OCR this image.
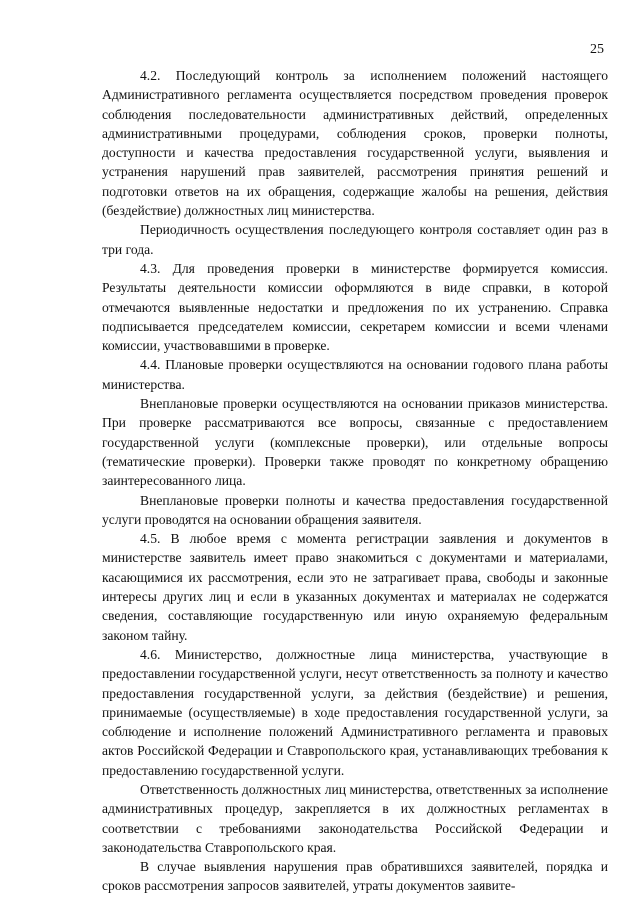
25

4.2. Последующий контроль за исполнением положений настоящего Административного регламента осуществляется посредством проведения проверок соблюдения последовательности административных действий, определенных административными процедурами, соблюдения сроков, проверки полноты, доступности и качества предоставления государственной услуги, выявления и устранения нарушений прав заявителей, рассмотрения принятия решений и подготовки ответов на их обращения, содержащие жалобы на решения, действия (бездействие) должностных лиц министерства.

Периодичность осуществления последующего контроля составляет один раз в три года.

4.3. Для проведения проверки в министерстве формируется комиссия. Результаты деятельности комиссии оформляются в виде справки, в которой отмечаются выявленные недостатки и предложения по их устранению. Справка подписывается председателем комиссии, секретарем комиссии и всеми членами комиссии, участвовавшими в проверке.

4.4. Плановые проверки осуществляются на основании годового плана работы министерства.

Внеплановые проверки осуществляются на основании приказов министерства. При проверке рассматриваются все вопросы, связанные с предоставлением государственной услуги (комплексные проверки), или отдельные вопросы (тематические проверки). Проверки также проводят по конкретному обращению заинтересованного лица.

Внеплановые проверки полноты и качества предоставления государственной услуги проводятся на основании обращения заявителя.

4.5. В любое время с момента регистрации заявления и документов в министерстве заявитель имеет право знакомиться с документами и материалами, касающимися их рассмотрения, если это не затрагивает права, свободы и законные интересы других лиц и если в указанных документах и материалах не содержатся сведения, составляющие государственную или иную охраняемую федеральным законом тайну.

4.6. Министерство, должностные лица министерства, участвующие в предоставлении государственной услуги, несут ответственность за полноту и качество предоставления государственной услуги, за действия (бездействие) и решения, принимаемые (осуществляемые) в ходе предоставления государственной услуги, за соблюдение и исполнение положений Административного регламента и правовых актов Российской Федерации и Ставропольского края, устанавливающих требования к предоставлению государственной услуги.

Ответственность должностных лиц министерства, ответственных за исполнение административных процедур, закрепляется в их должностных регламентах в соответствии с требованиями законодательства Российской Федерации и законодательства Ставропольского края.

В случае выявления нарушения прав обратившихся заявителей, порядка и сроков рассмотрения запросов заявителей, утраты документов заявите-
